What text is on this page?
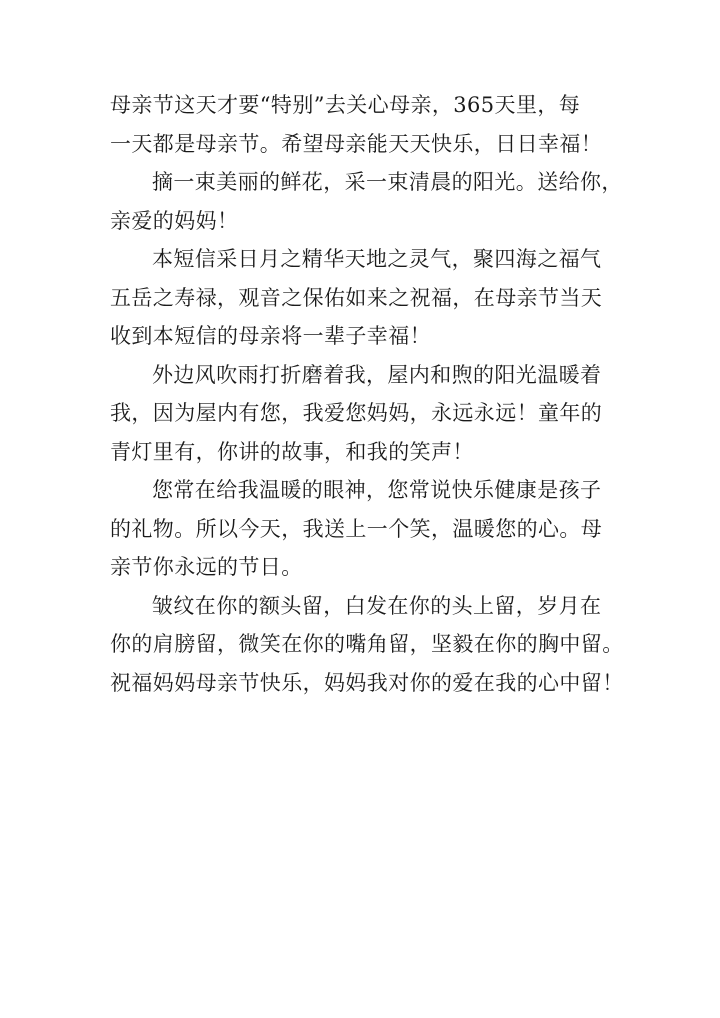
母亲节这天才要“特别”去关心母亲，365天里，每
一天都是母亲节。希望母亲能天天快乐，日日幸福！
摘一束美丽的鲜花，采一束清晨的阳光。送给你，
亲爱的妈妈！
本短信采日月之精华天地之灵气，聚四海之福气
五岳之寿禄，观音之保佑如来之祝福，在母亲节当天
收到本短信的母亲将一辈子幸福！
外边风吹雨打折磨着我，屋内和煦的阳光温暖着
我，因为屋内有您，我爱您妈妈，永远永远！童年的
青灯里有，你讲的故事，和我的笑声！
您常在给我温暖的眼神，您常说快乐健康是孩子
的礼物。所以今天，我送上一个笑，温暖您的心。母
亲节你永远的节日。
皱纹在你的额头留，白发在你的头上留，岁月在
你的肩膀留，微笑在你的嘴角留，坚毅在你的胸中留。
祝福妈妈母亲节快乐，妈妈我对你的爱在我的心中留！
